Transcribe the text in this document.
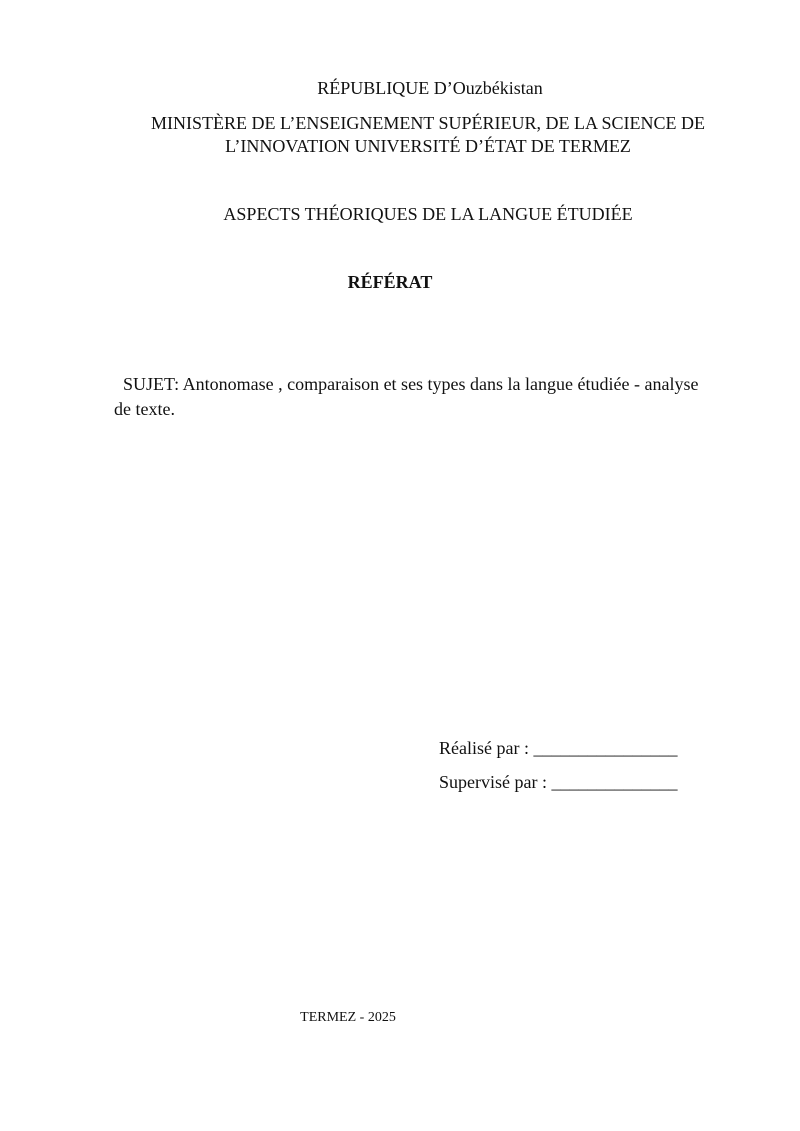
RÉPUBLIQUE D’Ouzbékistan

MINISTÈRE DE L’ENSEIGNEMENT SUPÉRIEUR, DE LA SCIENCE DE

L’INNOVATION UNIVERSITÉ D’ÉTAT DE TERMEZ

ASPECTS THÉORIQUES DE LA LANGUE ÉTUDIÉE

RÉFÉRAT

SUJET: Antonomase , comparaison et ses types dans la langue étudiée - analyse

de texte.

Réalisé par : ________________

Supervisé par : ______________

TERMEZ - 2025
